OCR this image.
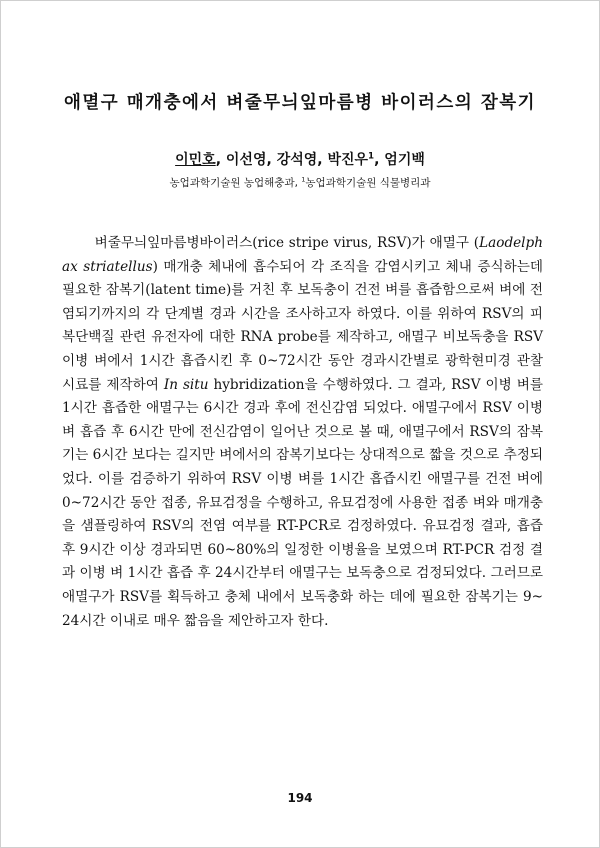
애멸구 매개충에서 벼줄무늬잎마름병 바이러스의 잠복기
이민호, 이선영, 강석영, 박진우$^1$, 엄기백
농업과학기술원 농업해충과, $^1$농업과학기술원 식물병리과

벼줄무늬잎마름병바이러스(rice stripe virus, RSV)가 애멸구 (Laodelphax striatellus) 매개충 체내에 흡수되어 각 조직을 감염시키고 체내 증식하는데 필요한 잠복기(latent time)를 거친 후 보독충이 건전 벼를 흡즙함으로써 벼에 전염되기까지의 각 단계별 경과 시간을 조사하고자 하였다. 이를 위하여 RSV의 피복단백질 관련 유전자에 대한 RNA probe를 제작하고, 애멸구 비보독충을 RSV 이병 벼에서 1시간 흡즙시킨 후 0~72시간 동안 경과시간별로 광학현미경 관찰 시료를 제작하여 In situ hybridization을 수행하였다. 그 결과, RSV 이병 벼를 1시간 흡즙한 애멸구는 6시간 경과 후에 전신감염 되었다. 애멸구에서 RSV 이병 벼 흡즙 후 6시간 만에 전신감염이 일어난 것으로 볼 때, 애멸구에서 RSV의 잠복기는 6시간 보다는 길지만 벼에서의 잠복기보다는 상대적으로 짧을 것으로 추정되었다. 이를 검증하기 위하여 RSV 이병 벼를 1시간 흡즙시킨 애멸구를 건전 벼에 0~72시간 동안 접종, 유묘검정을 수행하고, 유묘검정에 사용한 접종 벼와 매개충을 샘플링하여 RSV의 전염 여부를 RT-PCR로 검정하였다. 유묘검정 결과, 흡즙 후 9시간 이상 경과되면 60~80%의 일정한 이병율을 보였으며 RT-PCR 검정 결과 이병 벼 1시간 흡즙 후 24시간부터 애멸구는 보독충으로 검정되었다. 그러므로 애멸구가 RSV를 획득하고 충체 내에서 보독충화 하는 데에 필요한 잠복기는 9~24시간 이내로 매우 짧음을 제안하고자 한다.

194
